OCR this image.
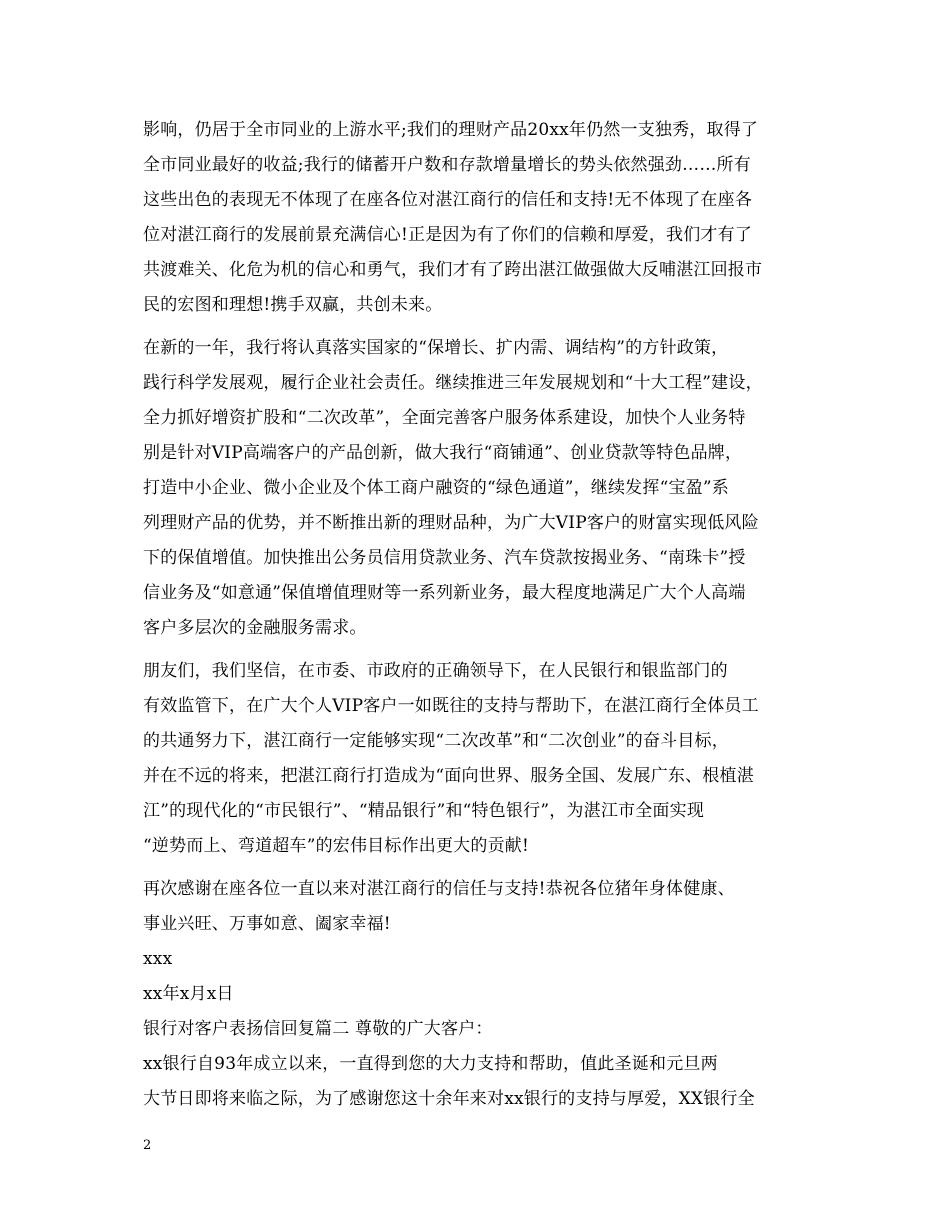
影响，仍居于全市同业的上游水平;我们的理财产品20xx年仍然一支独秀，取得了
全市同业最好的收益;我行的储蓄开户数和存款增量增长的势头依然强劲……所有
这些出色的表现无不体现了在座各位对湛江商行的信任和支持!无不体现了在座各
位对湛江商行的发展前景充满信心!正是因为有了你们的信赖和厚爱，我们才有了
共渡难关、化危为机的信心和勇气，我们才有了跨出湛江做强做大反哺湛江回报市
民的宏图和理想!携手双赢，共创未来。
在新的一年，我行将认真落实国家的“保增长、扩内需、调结构”的方针政策，
践行科学发展观，履行企业社会责任。继续推进三年发展规划和“十大工程”建设，
全力抓好增资扩股和“二次改革”，全面完善客户服务体系建设，加快个人业务特
别是针对VIP高端客户的产品创新，做大我行“商铺通”、创业贷款等特色品牌，
打造中小企业、微小企业及个体工商户融资的“绿色通道”，继续发挥“宝盈”系
列理财产品的优势，并不断推出新的理财品种，为广大VIP客户的财富实现低风险
下的保值增值。加快推出公务员信用贷款业务、汽车贷款按揭业务、“南珠卡”授
信业务及“如意通”保值增值理财等一系列新业务，最大程度地满足广大个人高端
客户多层次的金融服务需求。
朋友们，我们坚信，在市委、市政府的正确领导下，在人民银行和银监部门的
有效监管下，在广大个人VIP客户一如既往的支持与帮助下，在湛江商行全体员工
的共通努力下，湛江商行一定能够实现“二次改革”和“二次创业”的奋斗目标，
并在不远的将来，把湛江商行打造成为“面向世界、服务全国、发展广东、根植湛
江”的现代化的“市民银行”、“精品银行”和“特色银行”，为湛江市全面实现
“逆势而上、弯道超车”的宏伟目标作出更大的贡献!
再次感谢在座各位一直以来对湛江商行的信任与支持!恭祝各位猪年身体健康、
事业兴旺、万事如意、阖家幸福!
xxx
xx年x月x日
银行对客户表扬信回复篇二 尊敬的广大客户：
xx银行自93年成立以来，一直得到您的大力支持和帮助，值此圣诞和元旦两
大节日即将来临之际，为了感谢您这十余年来对xx银行的支持与厚爱，XX银行全
2
